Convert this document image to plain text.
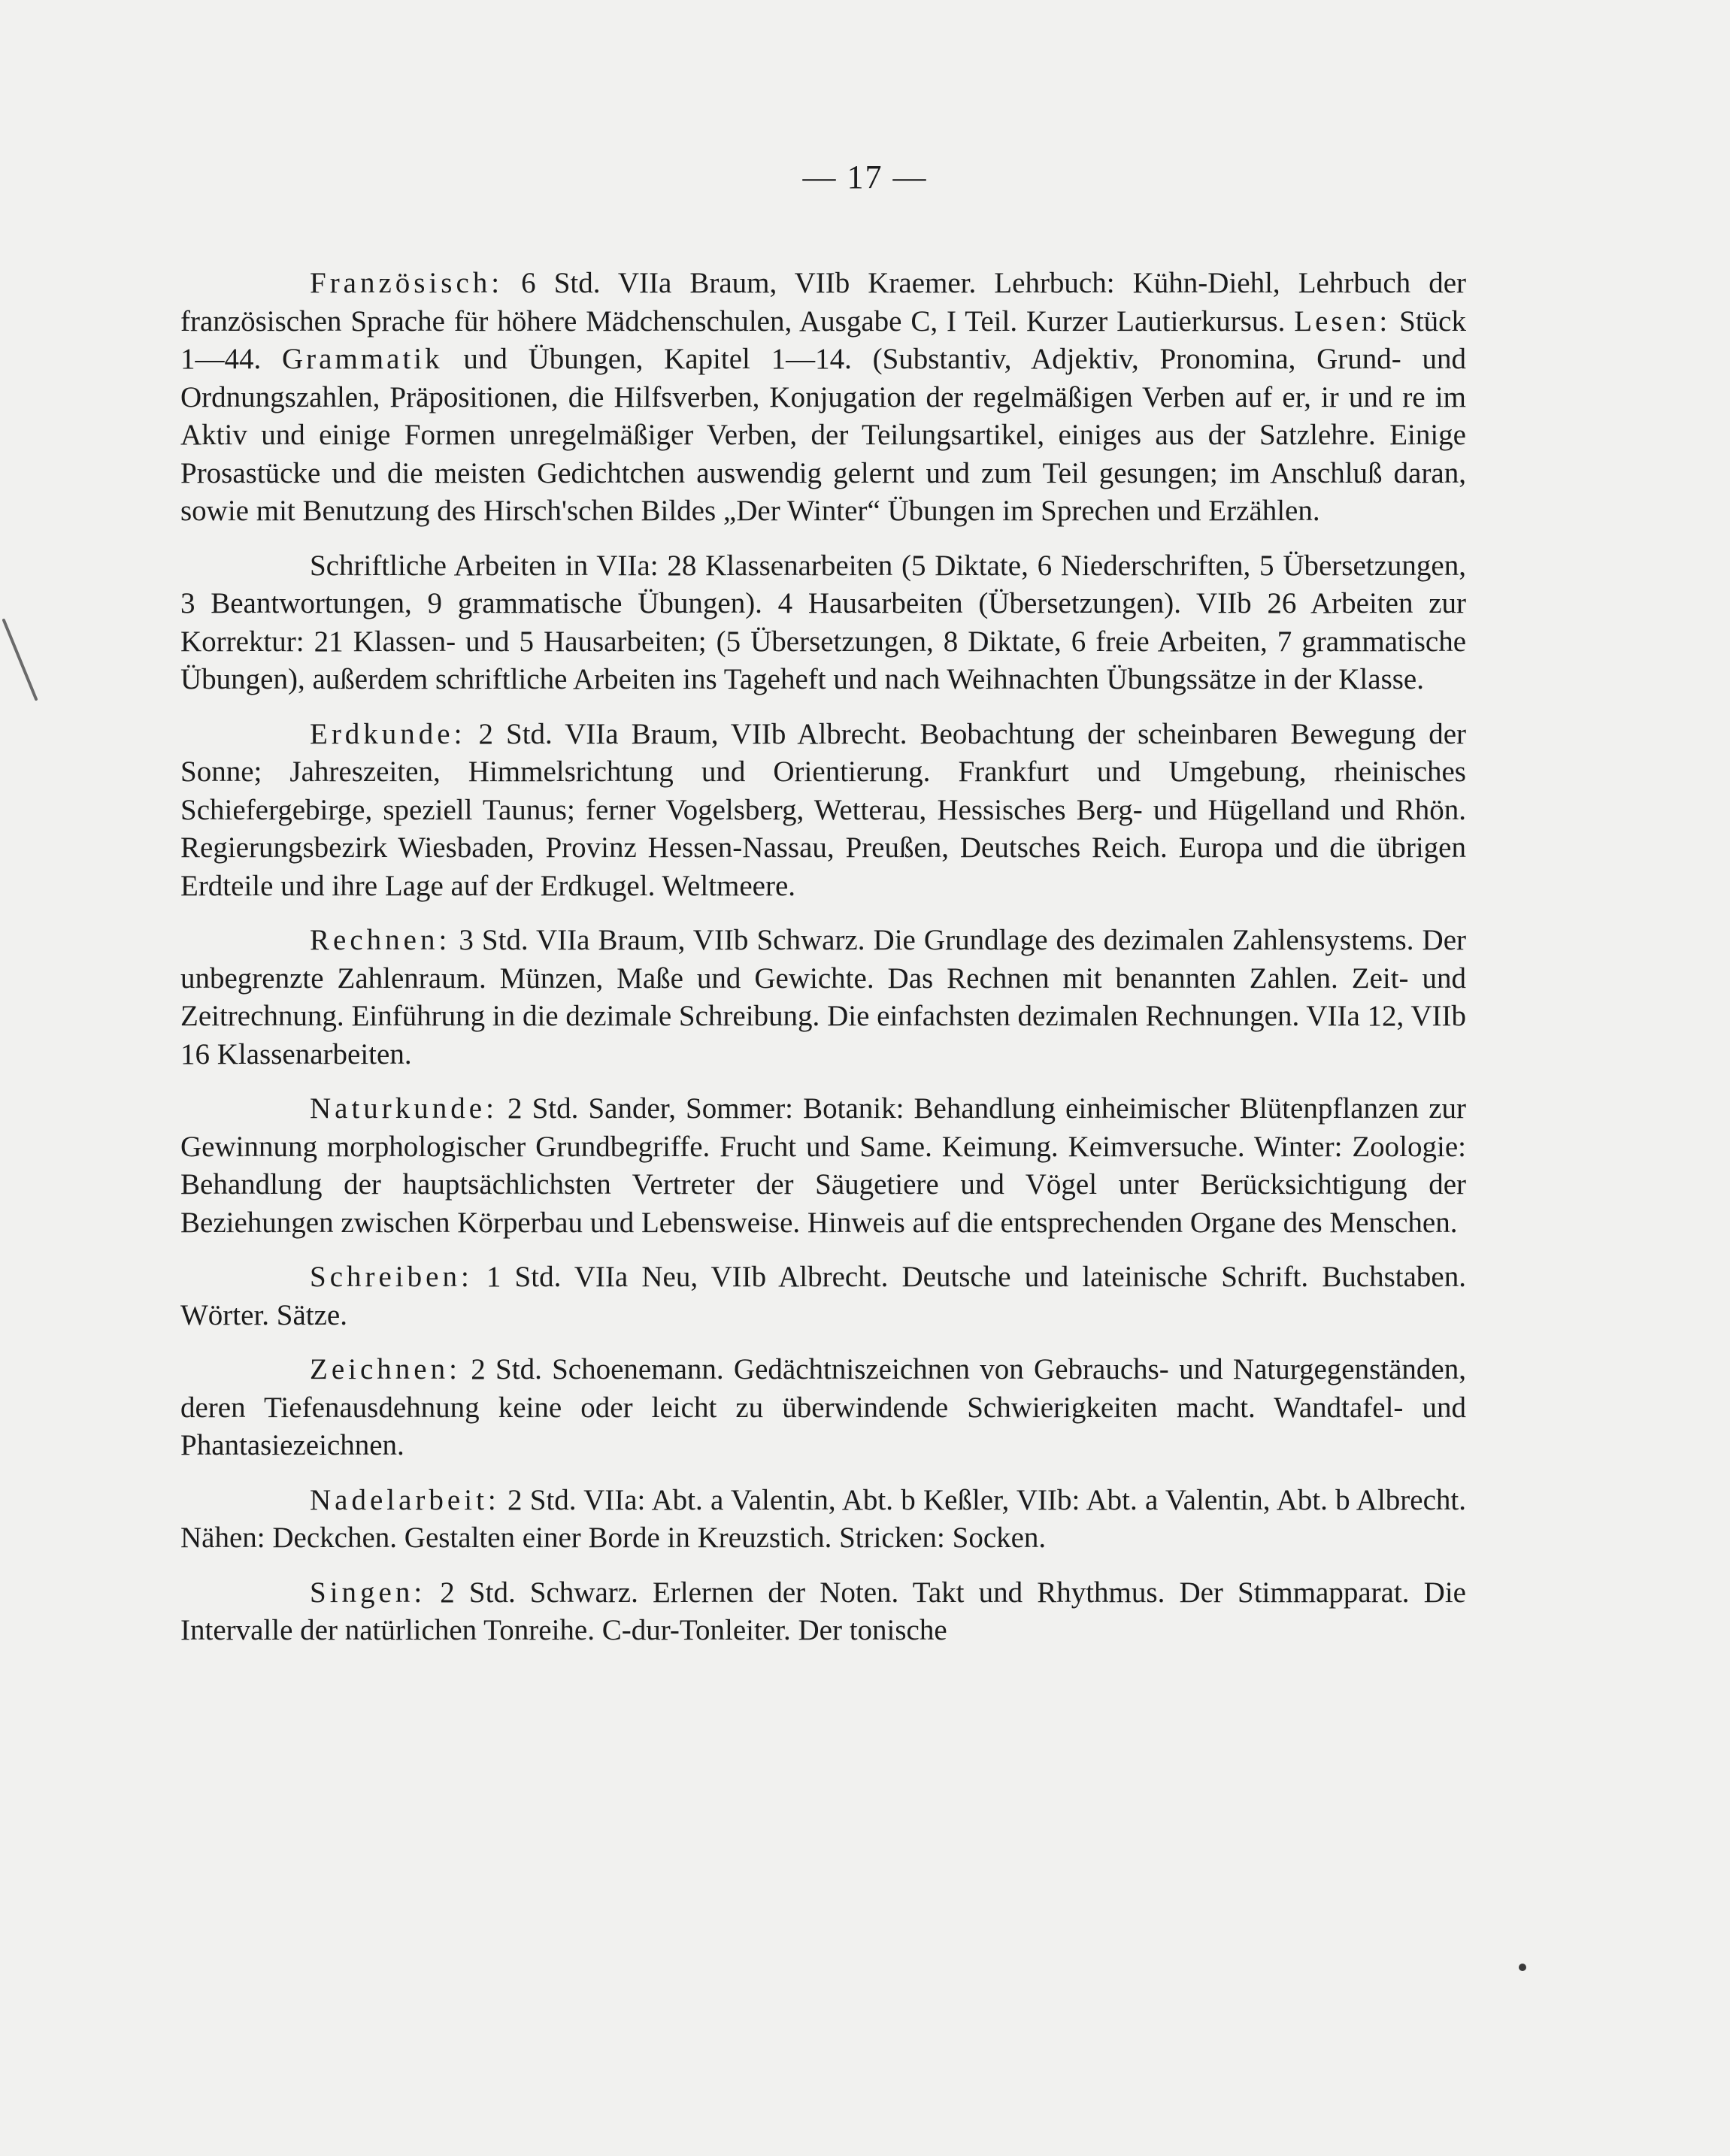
— 17 —

Französisch: 6 Std. VIIa Braum, VIIb Kraemer. Lehrbuch: Kühn-Diehl, Lehrbuch der französischen Sprache für höhere Mädchenschulen, Ausgabe C, I Teil. Kurzer Lautierkursus. Lesen: Stück 1—44. Grammatik und Übungen, Kapitel 1—14. (Substantiv, Adjektiv, Pronomina, Grund- und Ordnungszahlen, Präpositionen, die Hilfsverben, Konjugation der regelmäßigen Verben auf er, ir und re im Aktiv und einige Formen unregelmäßiger Verben, der Teilungsartikel, einiges aus der Satzlehre. Einige Prosastücke und die meisten Gedichtchen auswendig gelernt und zum Teil gesungen; im Anschluß daran, sowie mit Benutzung des Hirsch'schen Bildes „Der Winter“ Übungen im Sprechen und Erzählen.

Schriftliche Arbeiten in VIIa: 28 Klassenarbeiten (5 Diktate, 6 Niederschriften, 5 Übersetzungen, 3 Beantwortungen, 9 grammatische Übungen). 4 Hausarbeiten (Übersetzungen). VIIb 26 Arbeiten zur Korrektur: 21 Klassen- und 5 Hausarbeiten; (5 Übersetzungen, 8 Diktate, 6 freie Arbeiten, 7 grammatische Übungen), außerdem schriftliche Arbeiten ins Tageheft und nach Weihnachten Übungssätze in der Klasse.

Erdkunde: 2 Std. VIIa Braum, VIIb Albrecht. Beobachtung der scheinbaren Bewegung der Sonne; Jahreszeiten, Himmelsrichtung und Orientierung. Frankfurt und Umgebung, rheinisches Schiefergebirge, speziell Taunus; ferner Vogelsberg, Wetterau, Hessisches Berg- und Hügelland und Rhön. Regierungsbezirk Wiesbaden, Provinz Hessen-Nassau, Preußen, Deutsches Reich. Europa und die übrigen Erdteile und ihre Lage auf der Erdkugel. Weltmeere.

Rechnen: 3 Std. VIIa Braum, VIIb Schwarz. Die Grundlage des dezimalen Zahlensystems. Der unbegrenzte Zahlenraum. Münzen, Maße und Gewichte. Das Rechnen mit benannten Zahlen. Zeit- und Zeitrechnung. Einführung in die dezimale Schreibung. Die einfachsten dezimalen Rechnungen. VIIa 12, VIIb 16 Klassenarbeiten.

Naturkunde: 2 Std. Sander, Sommer: Botanik: Behandlung einheimischer Blütenpflanzen zur Gewinnung morphologischer Grundbegriffe. Frucht und Same. Keimung. Keimversuche. Winter: Zoologie: Behandlung der hauptsächlichsten Vertreter der Säugetiere und Vögel unter Berücksichtigung der Beziehungen zwischen Körperbau und Lebensweise. Hinweis auf die entsprechenden Organe des Menschen.

Schreiben: 1 Std. VIIa Neu, VIIb Albrecht. Deutsche und lateinische Schrift. Buchstaben. Wörter. Sätze.

Zeichnen: 2 Std. Schoenemann. Gedächtniszeichnen von Gebrauchs- und Naturgegenständen, deren Tiefenausdehnung keine oder leicht zu überwindende Schwierigkeiten macht. Wandtafel- und Phantasiezeichnen.

Nadelarbeit: 2 Std. VIIa: Abt. a Valentin, Abt. b Keßler, VIIb: Abt. a Valentin, Abt. b Albrecht. Nähen: Deckchen. Gestalten einer Borde in Kreuzstich. Stricken: Socken.

Singen: 2 Std. Schwarz. Erlernen der Noten. Takt und Rhythmus. Der Stimmapparat. Die Intervalle der natürlichen Tonreihe. C-dur-Tonleiter. Der tonische
